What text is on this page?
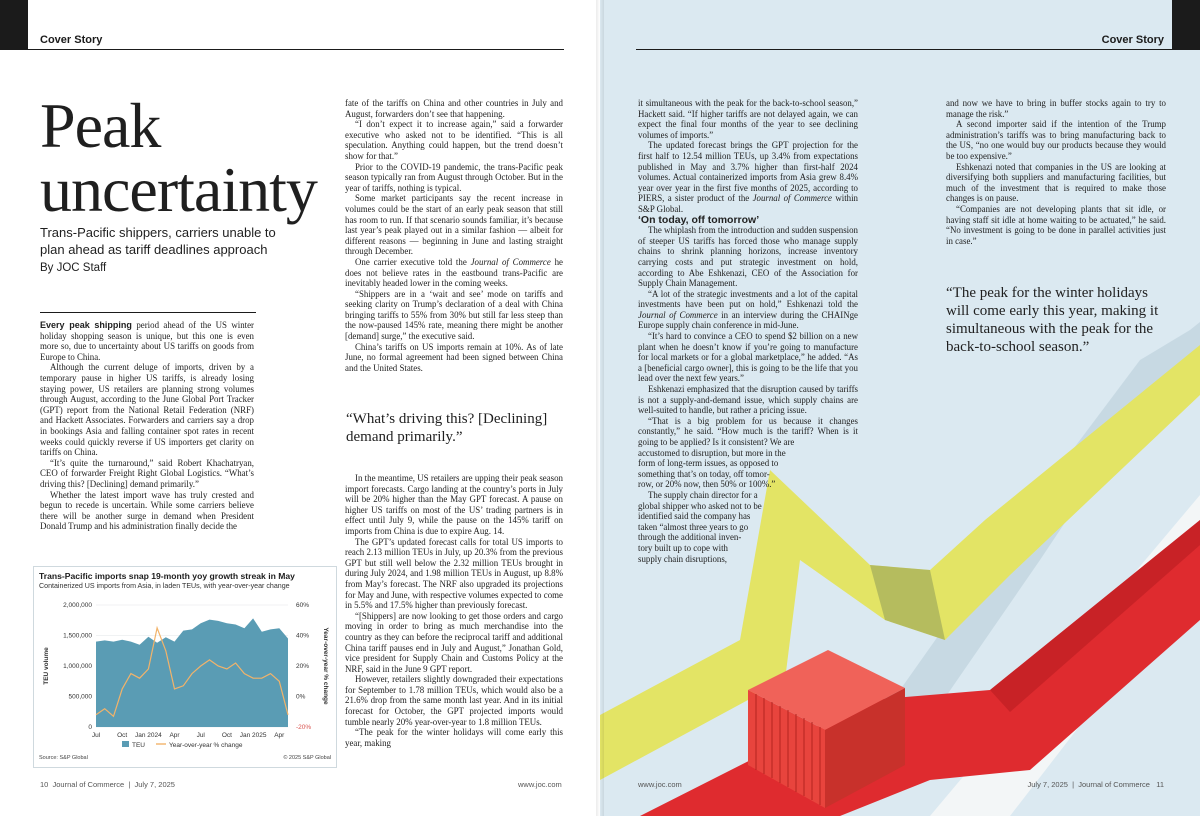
Cover Story
Peak
uncertainty
Trans-Pacific shippers, carriers unable to plan ahead as tariff deadlines approach
By JOC Staff

Every peak shipping period ahead of the US winter holiday shopping season is unique, but this one is even more so, due to uncertainty about US tariffs on goods from Europe to China.

Although the current deluge of imports, driven by a temporary pause in higher US tariffs, is already losing staying power, US retailers are planning strong volumes through August, according to the June Global Port Tracker (GPT) report from the National Retail Federation (NRF) and Hackett Associates. Forwarders and carriers say a drop in bookings Asia and falling container spot rates in recent weeks could quickly reverse if US importers get clarity on tariffs on China.

“It’s quite the turnaround,” said Robert Khachatryan, CEO of forwarder Freight Right Global Logistics. “What’s driving this? [Declining] demand primarily.”

Whether the latest import wave has truly crested and begun to recede is uncertain. While some carriers believe there will be another surge in demand when President Donald Trump and his administration finally decide the

fate of the tariffs on China and other countries in July and August, forwarders don’t see that happening.

“I don’t expect it to increase again,” said a forwarder executive who asked not to be identified. “This is all speculation. Anything could happen, but the trend doesn’t show for that.”

Prior to the COVID-19 pandemic, the trans-Pacific peak season typically ran from August through October. But in the year of tariffs, nothing is typical.

Some market participants say the recent increase in volumes could be the start of an early peak season that still has room to run. If that scenario sounds familiar, it’s because last year’s peak played out in a similar fashion — albeit for different reasons — beginning in June and lasting straight through December.

One carrier executive told the Journal of Commerce he does not believe rates in the eastbound trans-Pacific are inevitably headed lower in the coming weeks.

“Shippers are in a ‘wait and see’ mode on tariffs and seeking clarity on Trump’s declaration of a deal with China bringing tariffs to 55% from 30% but still far less steep than the now-paused 145% rate, meaning there might be another [demand] surge,” the executive said.

China’s tariffs on US imports remain at 10%. As of late June, no formal agreement had been signed between China and the United States.

“What’s driving this? [Declining] demand primarily.”

In the meantime, US retailers are upping their peak season import forecasts. Cargo landing at the country’s ports in July will be 20% higher than the May GPT forecast. A pause on higher US tariffs on most of the US’ trading partners is in effect until July 9, while the pause on the 145% tariff on imports from China is due to expire Aug. 14.

The GPT’s updated forecast calls for total US imports to reach 2.13 million TEUs in July, up 20.3% from the previous GPT but still well below the 2.32 million TEUs brought in during July 2024, and 1.98 million TEUs in August, up 8.8% from May’s forecast. The NRF also upgraded its projections for May and June, with respective volumes expected to come in 5.5% and 17.5% higher than previously forecast.

“[Shippers] are now looking to get those orders and cargo moving in order to bring as much merchandise into the country as they can before the reciprocal tariff and additional China tariff pauses end in July and August,” Jonathan Gold, vice president for Supply Chain and Customs Policy at the NRF, said in the June 9 GPT report.

However, retailers slightly downgraded their expectations for September to 1.78 million TEUs, which would also be a 21.6% drop from the same month last year. And in its initial forecast for October, the GPT projected imports would tumble nearly 20% year-over-year to 1.8 million TEUs.

“The peak for the winter holidays will come early this year, making

Trans-Pacific imports snap 19-month yoy growth streak in May
Containerized US imports from Asia, in laden TEUs, with year-over-year change
0
500,000
1,000,000
1,500,000
2,000,000
-20%
0%
20%
40%
60%
Jul	Oct Jan 2024 Apr	Jul	Oct Jan 2025 Apr
TEU volume	Year-over-year % change
TEU	Year-over-year % change
Source: S&P Global	© 2025 S&P Global
10 Journal of Commerce  |  July 7, 2025	www.joc.com
Cover Story

it simultaneous with the peak for the back-to-school season,” Hackett said. “If higher tariffs are not delayed again, we can expect the final four months of the year to see declining volumes of imports.”

The updated forecast brings the GPT projection for the first half to 12.54 million TEUs, up 3.4% from expectations published in May and 3.7% higher than first-half 2024 volumes. Actual containerized imports from Asia grew 8.4% year over year in the first five months of 2025, according to PIERS, a sister product of the Journal of Commerce within S&P Global.

‘On today, off tomorrow’

The whiplash from the introduction and sudden suspension of steeper US tariffs has forced those who manage supply chains to shrink planning horizons, increase inventory carrying costs and put strategic investment on hold, according to Abe Eshkenazi, CEO of the Association for Supply Chain Management.

“A lot of the strategic investments and a lot of the capital investments have been put on hold,” Eshkenazi told the Journal of Commerce in an interview during the CHAINge Europe supply chain conference in mid-June.

“It’s hard to convince a CEO to spend $2 billion on a new plant when he doesn’t know if you’re going to manufacture for local markets or for a global marketplace,” he added. “As a [beneficial cargo owner], this is going to be the life that you lead over the next few years.”

Eshkenazi emphasized that the disruption caused by tariffs is not a supply-and-demand issue, which supply chains are well-suited to handle, but rather a pricing issue.

“That is a big problem for us because it changes constantly,” he said. “How much is the tariff? When is it going to be applied? Is it consistent? We are

accustomed to disruption, but more in the
form of long-term issues, as opposed to
something that’s on today, off tomor-
row, or 20% now, then 50% or 100%.”
The supply chain director for a
global shipper who asked not to be
identified said the company has
taken “almost three years to go
through the additional inven-
tory built up to cope with
supply chain disruptions,

and now we have to bring in buffer stocks again to try to manage the risk.”

A second importer said if the intention of the Trump administration’s tariffs was to bring manufacturing back to the US, “no one would buy our products because they would be too expensive.”

Eshkenazi noted that companies in the US are looking at diversifying both suppliers and manufacturing facilities, but much of the investment that is required to make those changes is on pause.

“Companies are not developing plants that sit idle, or having staff sit idle at home waiting to be actuated,” he said. “No investment is going to be done in parallel activities just in case.”

“The peak for the winter holidays will come early this year, making it simultaneous with the peak for the back-to-school season.”
www.joc.com	July 7, 2025  |  Journal of Commerce 11
